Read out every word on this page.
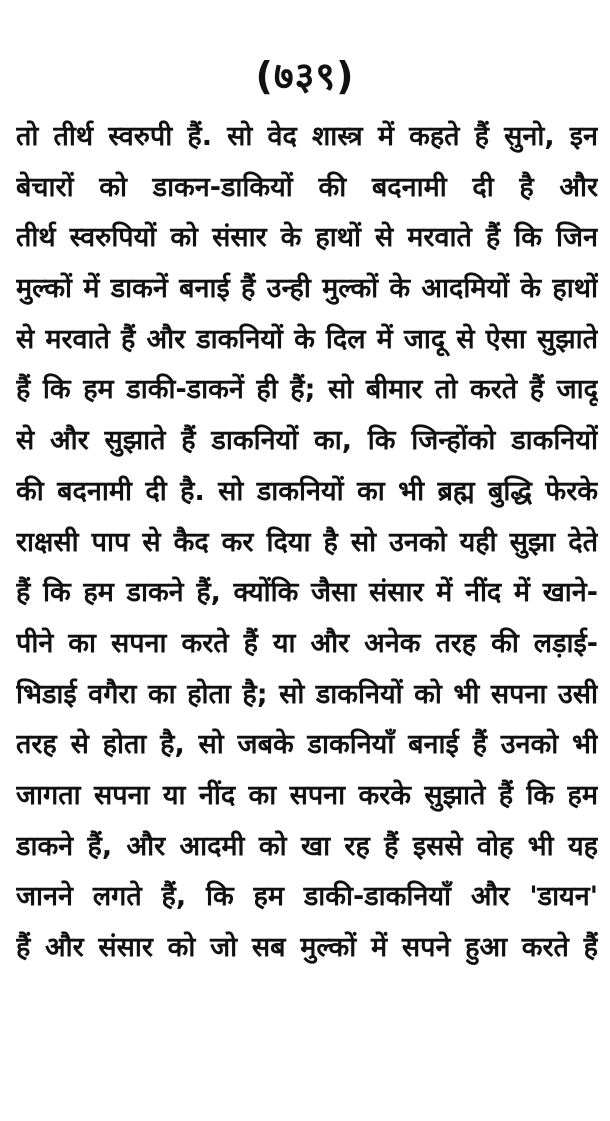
(७३९)
तो तीर्थ स्वरुपी हैं. सो वेद शास्त्र में कहते हैं सुनो, इन
बेचारों को डाकन-डाकियों की बदनामी दी है और
तीर्थ स्वरुपियों को संसार के हाथों से मरवाते हैं कि जिन
मुल्कों में डाकनें बनाई हैं उन्ही मुल्कों के आदमियों के हाथों
से मरवाते हैं और डाकनियों के दिल में जादू से ऐसा सुझाते
हैं कि हम डाकी-डाकनें ही हैं; सो बीमार तो करते हैं जादू
से और सुझाते हैं डाकनियों का, कि जिन्होंको डाकनियों
की बदनामी दी है. सो डाकनियों का भी ब्रह्म बुद्धि फेरके
राक्षसी पाप से कैद कर दिया है सो उनको यही सुझा देते
हैं कि हम डाकने हैं, क्योंकि जैसा संसार में नींद में खाने-
पीने का सपना करते हैं या और अनेक तरह की लड़ाई-
भिडाई वगैरा का होता है; सो डाकनियों को भी सपना उसी
तरह से होता है, सो जबके डाकनियाँ बनाई हैं उनको भी
जागता सपना या नींद का सपना करके सुझाते हैं कि हम
डाकने हैं, और आदमी को खा रह हैं इससे वोह भी यह
जानने लगते हैं, कि हम डाकी-डाकनियाँ और 'डायन'
हैं और संसार को जो सब मुल्कों में सपने हुआ करते हैं
